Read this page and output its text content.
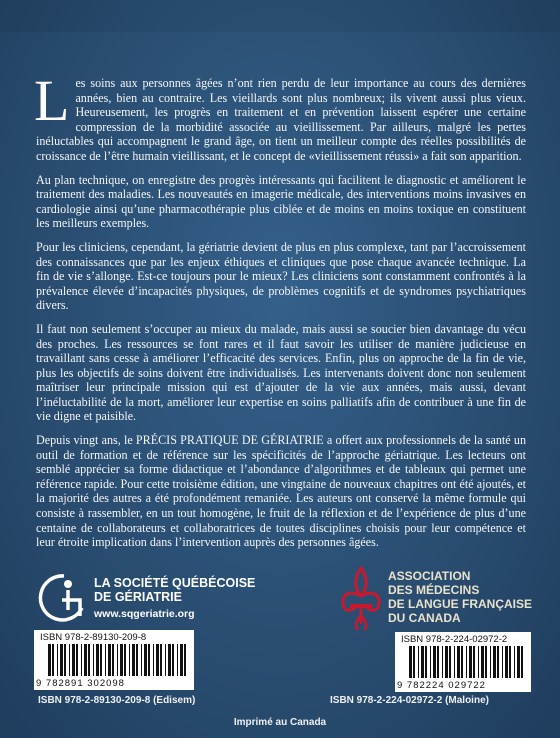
Les soins aux personnes âgées n’ont rien perdu de leur importance au cours des dernières années, bien au contraire. Les vieillards sont plus nombreux; ils vivent aussi plus vieux. Heureusement, les progrès en traitement et en prévention laissent espérer une certaine compression de la morbidité associée au vieillissement. Par ailleurs, malgré les pertes inéluctables qui accompagnent le grand âge, on tient un meilleur compte des réelles possibilités de croissance de l’être humain vieillissant, et le concept de «vieillissement réussi» a fait son apparition.

Au plan technique, on enregistre des progrès intéressants qui facilitent le diagnostic et améliorent le traitement des maladies. Les nouveautés en imagerie médicale, des interventions moins invasives en cardiologie ainsi qu’une pharmacothérapie plus ciblée et de moins en moins toxique en constituent les meilleurs exemples.

Pour les cliniciens, cependant, la gériatrie devient de plus en plus complexe, tant par l’accroissement des connaissances que par les enjeux éthiques et cliniques que pose chaque avancée technique. La fin de vie s’allonge. Est-ce toujours pour le mieux? Les cliniciens sont constamment confrontés à la prévalence élevée d’incapacités physiques, de problèmes cognitifs et de syndromes psychiatriques divers.

Il faut non seulement s’occuper au mieux du malade, mais aussi se soucier bien davantage du vécu des proches. Les ressources se font rares et il faut savoir les utiliser de manière judicieuse en travaillant sans cesse à améliorer l’efficacité des services. Enfin, plus on approche de la fin de vie, plus les objectifs de soins doivent être individualisés. Les intervenants doivent donc non seulement maîtriser leur principale mission qui est d’ajouter de la vie aux années, mais aussi, devant l’inéluctabilité de la mort, améliorer leur expertise en soins palliatifs afin de contribuer à une fin de vie digne et paisible.

Depuis vingt ans, le PRÉCIS PRATIQUE DE GÉRIATRIE a offert aux professionnels de la santé un outil de formation et de référence sur les spécificités de l’approche gériatrique. Les lecteurs ont semblé apprécier sa forme didactique et l’abondance d’algorithmes et de tableaux qui permet une référence rapide. Pour cette troisième édition, une vingtaine de nouveaux chapitres ont été ajoutés, et la majorité des autres a été profondément remaniée. Les auteurs ont conservé la même formule qui consiste à rassembler, en un tout homogène, le fruit de la réflexion et de l’expérience de plus d’une centaine de collaborateurs et collaboratrices de toutes disciplines choisis pour leur compétence et leur étroite implication dans l’intervention auprès des personnes âgées.

LA SOCIÉTÉ QUÉBÉCOISE
DE GÉRIATRIE
www.sqgeriatrie.org
ASSOCIATION
DES MÉDECINS
DE LANGUE FRANÇAISE
DU CANADA
ISBN 978-2-89130-209-8
9 782891 302098
ISBN 978-2-224-02972-2
9 782224 029722
ISBN 978-2-89130-209-8 (Edisem)	ISBN 978-2-224-02972-2 (Maloine)
Imprimé au Canada
